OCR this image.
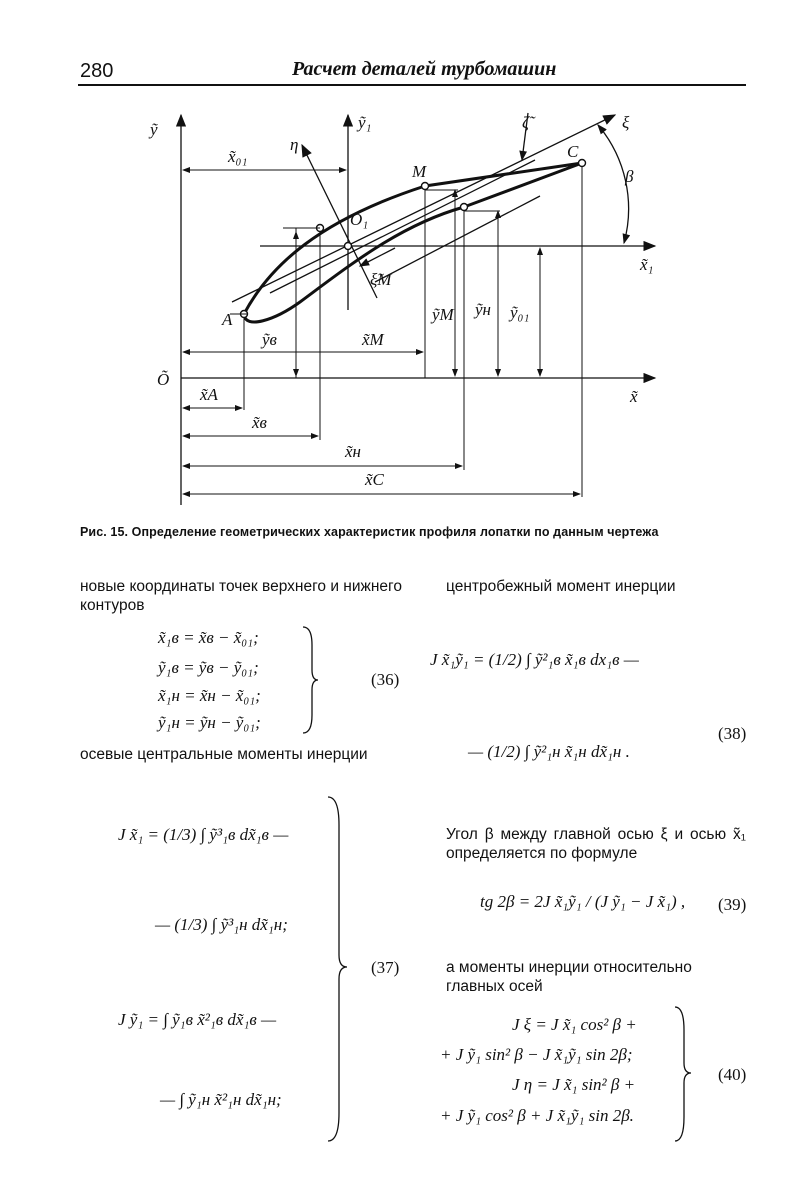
280	Расчет деталей турбомашин
ỹ	ỹ₁
η
ζ̃	ξ
β
x̃₁
x̃
Õ
O₁
M
C
A
x̃₀₁
ξ̃M
ỹв
ỹM ỹн ỹ₀₁
x̃M
x̃A
x̃в
x̃н
x̃C
Рис. 15. Определение геометрических характеристик профиля лопатки по данным чертежа
новые координаты точек верхнего и нижнего контуров
x̃₁в = x̃в − x̃₀₁;
ỹ₁в = ỹв − ỹ₀₁;
x̃₁н = x̃н − x̃₀₁;
ỹ₁н = ỹн − ỹ₀₁;
(36)
осевые центральные моменты инерции
J x̃₁ = (1/3) ∫ ỹ³₁в dx̃₁в —
— (1/3) ∫ ỹ³₁н dx̃₁н;
J ỹ₁ = ∫ ỹ₁в x̃²₁в dx̃₁в —
— ∫ ỹ₁н x̃²₁н dx̃₁н;
(37)
центробежный момент инерции
J x̃₁ỹ₁ = (1/2) ∫ ỹ²₁в x̃₁в dx₁в —
— (1/2) ∫ ỹ²₁н x̃₁н dx̃₁н .
(38)
Угол β между главной осью ξ и осью x̃₁ определяется по формуле
tg 2β = 2J x̃₁ỹ₁ / (J ỹ₁ − J x̃₁) , (39)
а моменты инерции относительно главных осей
J ξ = J x̃₁ cos² β +
+ J ỹ₁ sin² β − J x̃₁ỹ₁ sin 2β;
J η = J x̃₁ sin² β +
+ J ỹ₁ cos² β + J x̃₁ỹ₁ sin 2β.
(40)
